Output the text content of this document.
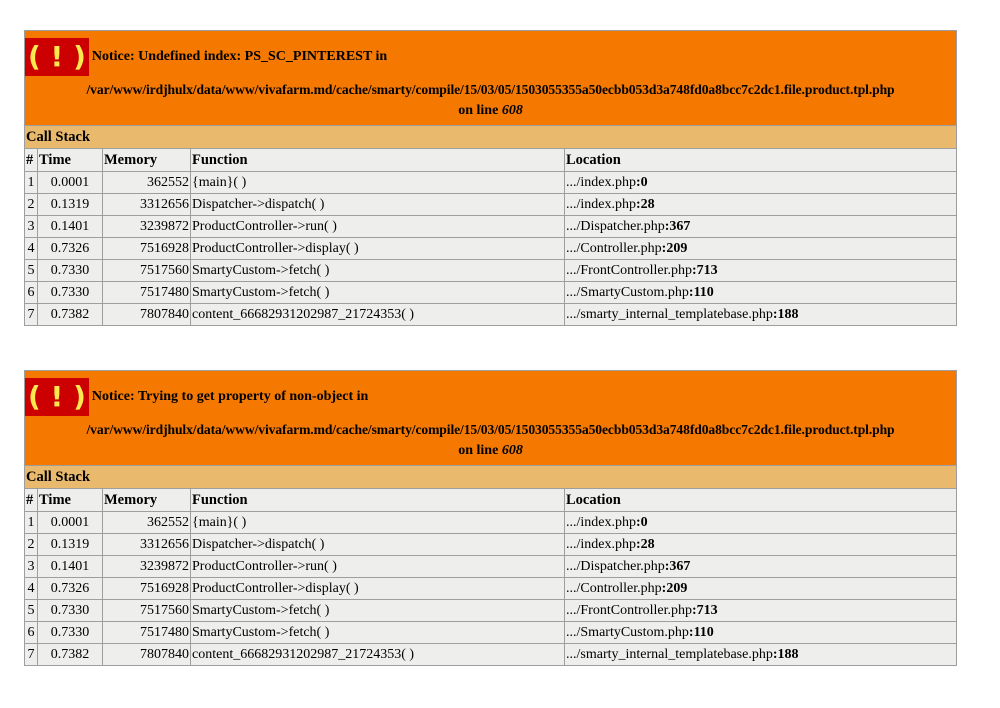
( ! ) Notice: Undefined index: PS_SC_PINTEREST in
/var/www/irdjhulx/data/www/vivafarm.md/cache/smarty/compile/15/03/05/1503055355a50ecbb053d3a748fd0a8bcc7c2dc1.file.product.tpl.php
on line 608				

Call Stack				
#	Time	Memory	Function	Location
1	0.0001	362552	{main}( )	.../index.php:0
2	0.1319	3312656	Dispatcher->dispatch( )	.../index.php:28
3	0.1401	3239872	ProductController->run( )	.../Dispatcher.php:367
4	0.7326	7516928	ProductController->display( )	.../Controller.php:209
5	0.7330	7517560	SmartyCustom->fetch( )	.../FrontController.php:713
6	0.7330	7517480	SmartyCustom->fetch( )	.../SmartyCustom.php:110
7	0.7382	7807840	content_66682931202987_21724353( )	.../smarty_internal_templatebase.php:188
( ! ) Notice: Trying to get property of non-object in
/var/www/irdjhulx/data/www/vivafarm.md/cache/smarty/compile/15/03/05/1503055355a50ecbb053d3a748fd0a8bcc7c2dc1.file.product.tpl.php
on line 608				

Call Stack				
#	Time	Memory	Function	Location
1	0.0001	362552	{main}( )	.../index.php:0
2	0.1319	3312656	Dispatcher->dispatch( )	.../index.php:28
3	0.1401	3239872	ProductController->run( )	.../Dispatcher.php:367
4	0.7326	7516928	ProductController->display( )	.../Controller.php:209
5	0.7330	7517560	SmartyCustom->fetch( )	.../FrontController.php:713
6	0.7330	7517480	SmartyCustom->fetch( )	.../SmartyCustom.php:110
7	0.7382	7807840	content_66682931202987_21724353( )	.../smarty_internal_templatebase.php:188
